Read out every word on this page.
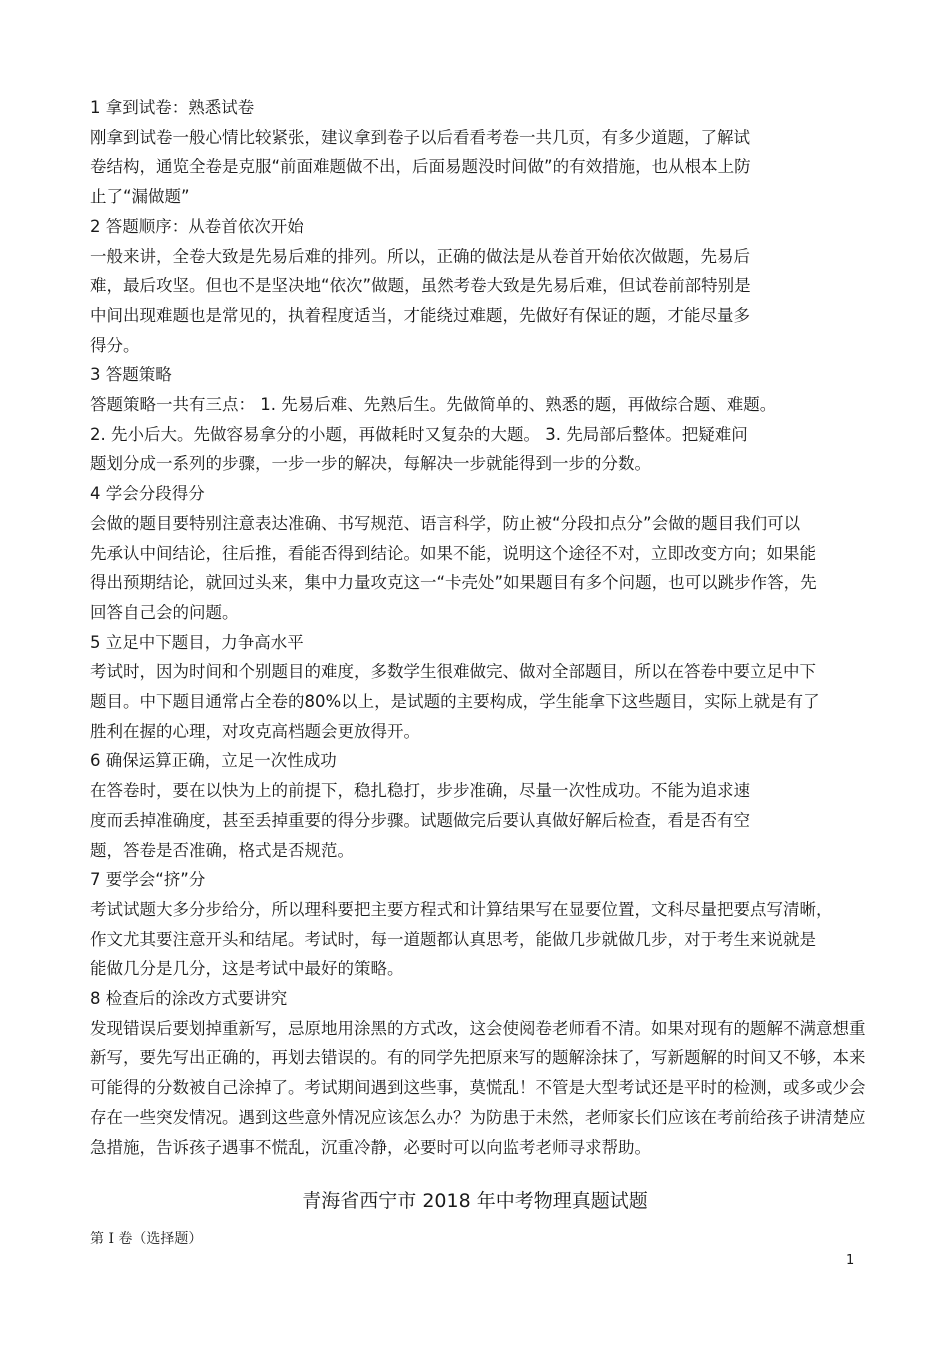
1 拿到试卷：熟悉试卷
刚拿到试卷一般心情比较紧张，建议拿到卷子以后看看考卷一共几页，有多少道题，了解试
卷结构，通览全卷是克服“前面难题做不出，后面易题没时间做”的有效措施，也从根本上防
止了“漏做题”
2 答题顺序：从卷首依次开始
一般来讲，全卷大致是先易后难的排列。所以，正确的做法是从卷首开始依次做题，先易后
难，最后攻坚。但也不是坚决地“依次”做题，虽然考卷大致是先易后难，但试卷前部特别是
中间出现难题也是常见的，执着程度适当，才能绕过难题，先做好有保证的题，才能尽量多
得分。
3 答题策略
答题策略一共有三点： 1. 先易后难、先熟后生。先做简单的、熟悉的题，再做综合题、难题。
2. 先小后大。先做容易拿分的小题，再做耗时又复杂的大题。 3. 先局部后整体。把疑难问
题划分成一系列的步骤，一步一步的解决，每解决一步就能得到一步的分数。
4 学会分段得分
会做的题目要特别注意表达准确、书写规范、语言科学，防止被“分段扣点分”会做的题目我们可以
先承认中间结论，往后推，看能否得到结论。如果不能，说明这个途径不对，立即改变方向；如果能
得出预期结论，就回过头来，集中力量攻克这一“卡壳处”如果题目有多个问题，也可以跳步作答，先
回答自己会的问题。
5 立足中下题目，力争高水平
考试时，因为时间和个别题目的难度，多数学生很难做完、做对全部题目，所以在答卷中要立足中下
题目。中下题目通常占全卷的80%以上，是试题的主要构成，学生能拿下这些题目，实际上就是有了
胜利在握的心理，对攻克高档题会更放得开。
6 确保运算正确，立足一次性成功
在答卷时，要在以快为上的前提下，稳扎稳打，步步准确，尽量一次性成功。不能为追求速
度而丢掉准确度，甚至丢掉重要的得分步骤。试题做完后要认真做好解后检查，看是否有空
题，答卷是否准确，格式是否规范。
7 要学会“挤”分
考试试题大多分步给分，所以理科要把主要方程式和计算结果写在显要位置，文科尽量把要点写清晰，
作文尤其要注意开头和结尾。考试时，每一道题都认真思考，能做几步就做几步，对于考生来说就是
能做几分是几分，这是考试中最好的策略。
8 检查后的涂改方式要讲究
发现错误后要划掉重新写，忌原地用涂黑的方式改，这会使阅卷老师看不清。如果对现有的题解不满意想重
新写，要先写出正确的，再划去错误的。有的同学先把原来写的题解涂抹了，写新题解的时间又不够，本来
可能得的分数被自己涂掉了。考试期间遇到这些事，莫慌乱！不管是大型考试还是平时的检测，或多或少会
存在一些突发情况。遇到这些意外情况应该怎么办？为防患于未然，老师家长们应该在考前给孩子讲清楚应
急措施，告诉孩子遇事不慌乱，沉重冷静，必要时可以向监考老师寻求帮助。
青海省西宁市 2018 年中考物理真题试题
第 I 卷（选择题）
1
